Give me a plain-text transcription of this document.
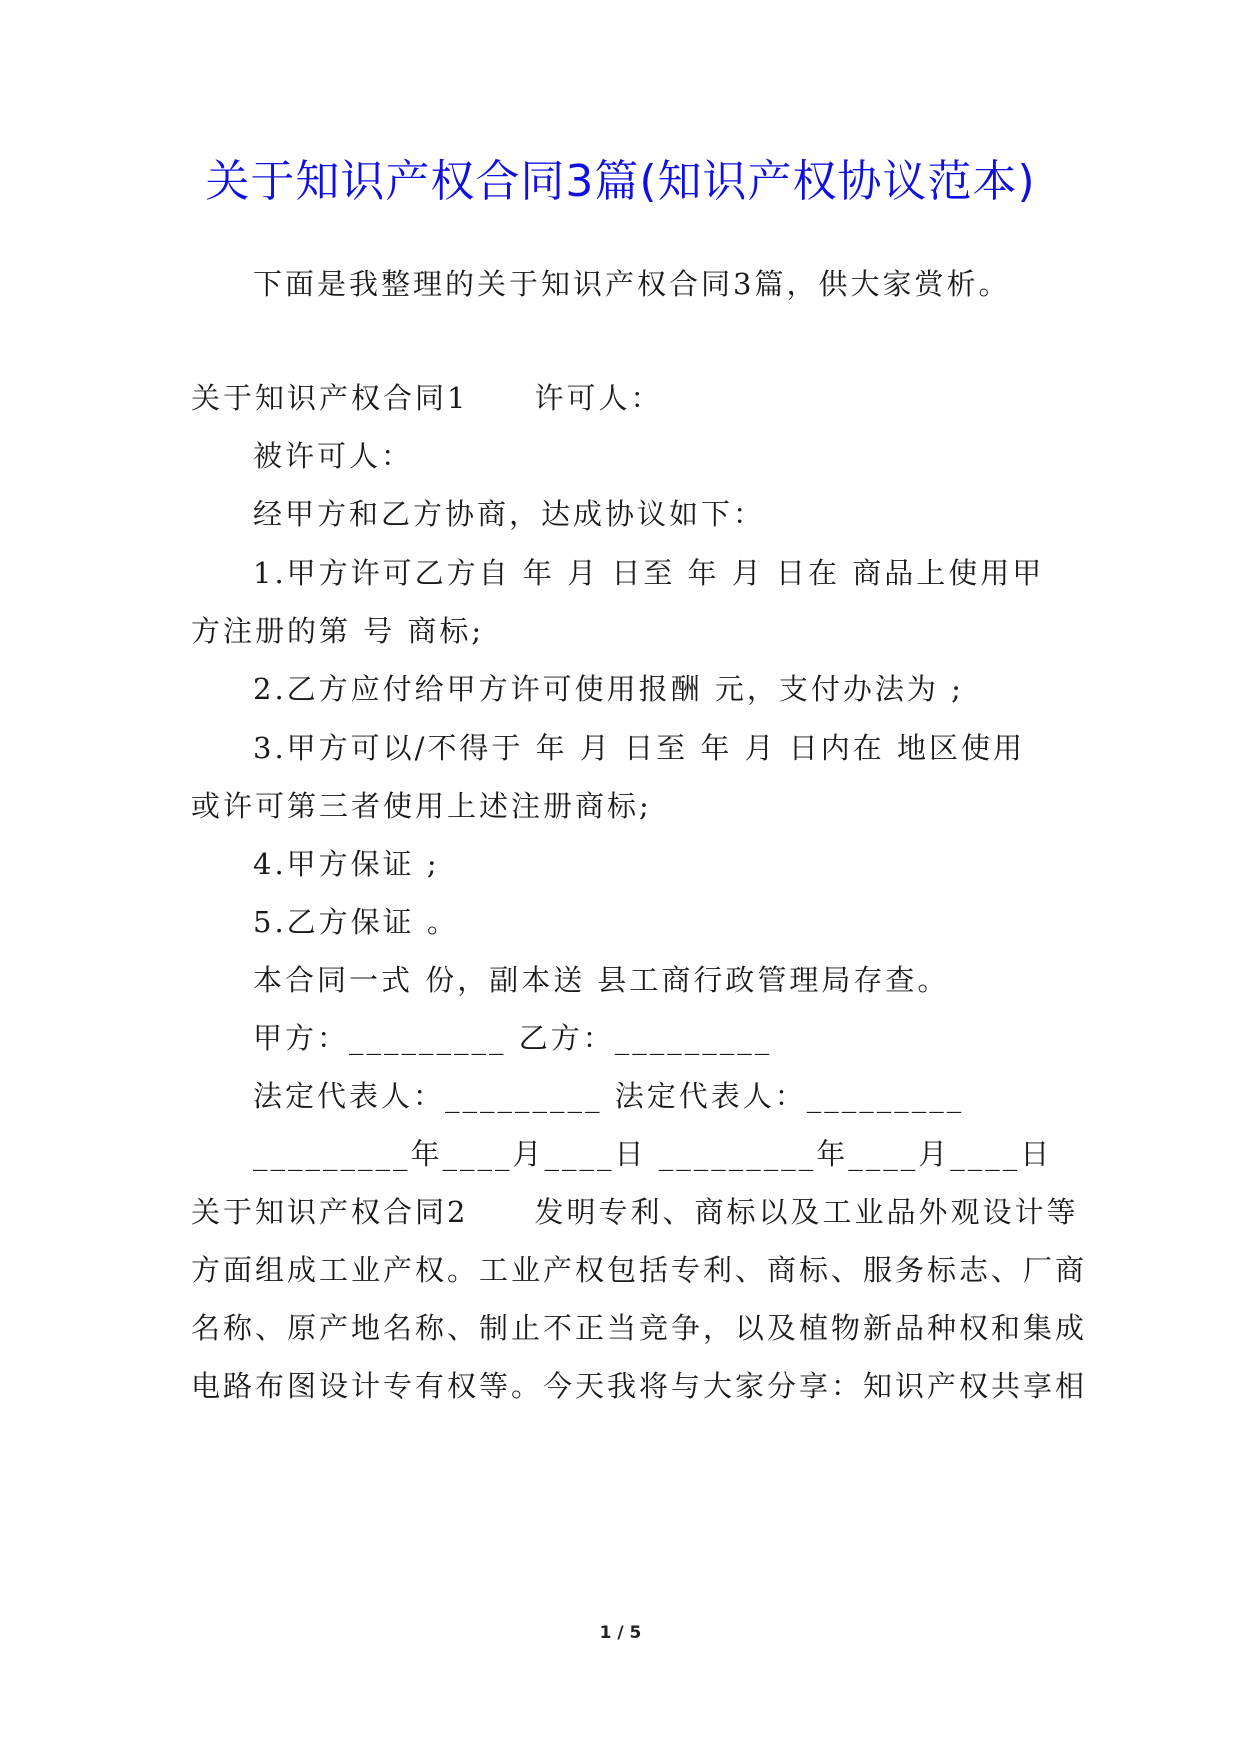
关于知识产权合同3篇(知识产权协议范本)
下面是我整理的关于知识产权合同3篇，供大家赏析。
关于知识产权合同1 许可人：
被许可人：
经甲方和乙方协商，达成协议如下：
1.甲方许可乙方自 年 月 日至 年 月 日在 商品上使用甲
方注册的第 号 商标;
2.乙方应付给甲方许可使用报酬 元，支付办法为 ;
3.甲方可以/不得于 年 月 日至 年 月 日内在 地区使用
或许可第三者使用上述注册商标;
4.甲方保证 ;
5.乙方保证 。
本合同一式 份，副本送 县工商行政管理局存查。
甲方：_________ 乙方：_________
法定代表人：_________ 法定代表人：_________
_________年____月____日 _________年____月____日
关于知识产权合同2 发明专利、商标以及工业品外观设计等
方面组成工业产权。工业产权包括专利、商标、服务标志、厂商
名称、原产地名称、制止不正当竞争，以及植物新品种权和集成
电路布图设计专有权等。今天我将与大家分享：知识产权共享相
1 / 5
